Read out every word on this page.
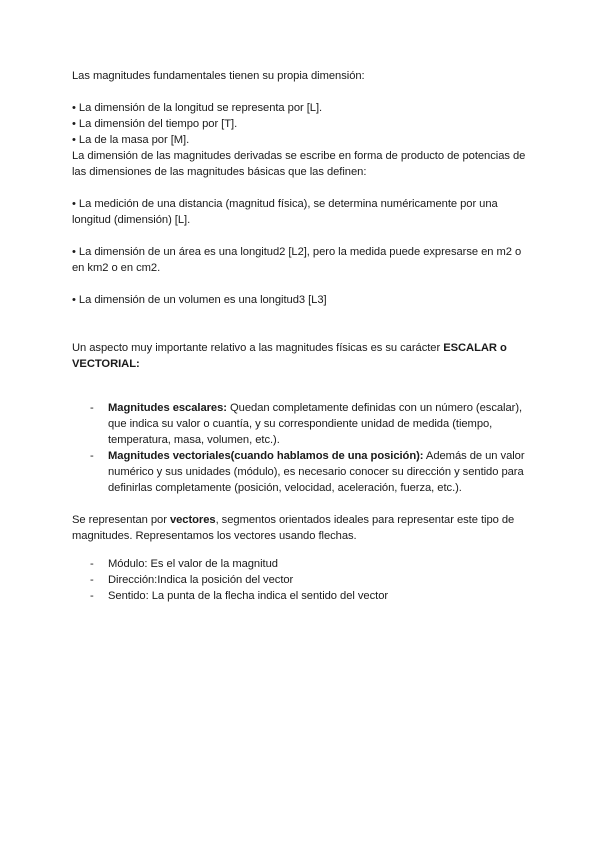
Las magnitudes fundamentales tienen su propia dimensión:

• La dimensión de la longitud se representa por [L].

• La dimensión del tiempo por [T].

• La de la masa por [M].

La dimensión de las magnitudes derivadas se escribe en forma de producto de potencias de las dimensiones de las magnitudes básicas que las definen:

• La medición de una distancia (magnitud física), se determina numéricamente por una longitud (dimensión) [L].

• La dimensión de un área es una longitud2 [L2], pero la medida puede expresarse en m2 o en km2 o en cm2.

• La dimensión de un volumen es una longitud3 [L3]

Un aspecto muy importante relativo a las magnitudes físicas es su carácter ESCALAR o VECTORIAL:

- Magnitudes escalares: Quedan completamente definidas con un número (escalar), que indica su valor o cuantía, y su correspondiente unidad de medida (tiempo, temperatura, masa, volumen, etc.).
- Magnitudes vectoriales(cuando hablamos de una posición): Además de un valor numérico y sus unidades (módulo), es necesario conocer su dirección y sentido para definirlas completamente (posición, velocidad, aceleración, fuerza, etc.).

Se representan por vectores, segmentos orientados ideales para representar este tipo de magnitudes. Representamos los vectores usando flechas.

- Módulo: Es el valor de la magnitud
- Dirección:Indica la posición del vector
- Sentido: La punta de la flecha indica el sentido del vector
